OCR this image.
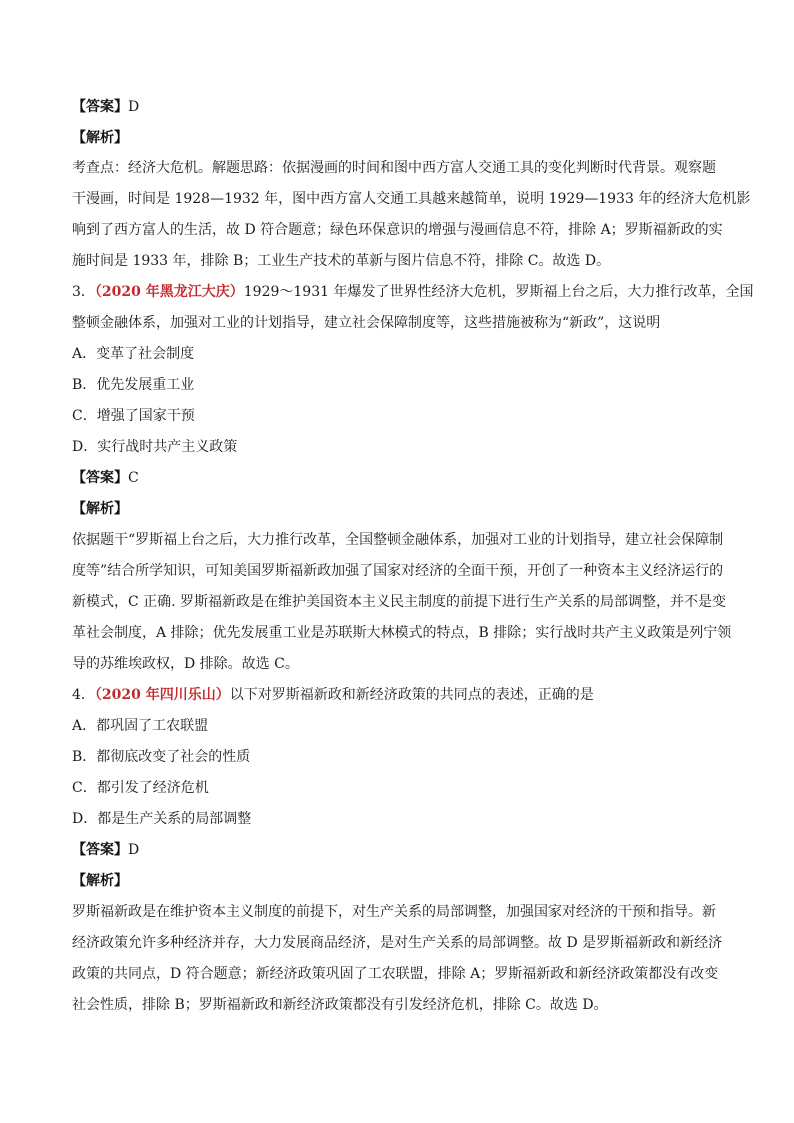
【答案】D
【解析】
考查点：经济大危机。解题思路：依据漫画的时间和图中西方富人交通工具的变化判断时代背景。观察题
干漫画，时间是 1928—1932 年，图中西方富人交通工具越来越简单，说明 1929—1933 年的经济大危机影
响到了西方富人的生活，故 D 符合题意；绿色环保意识的增强与漫画信息不符，排除 A；罗斯福新政的实
施时间是 1933 年，排除 B；工业生产技术的革新与图片信息不符，排除 C。故选 D。
3．（2020 年黑龙江大庆）1929～1931 年爆发了世界性经济大危机，罗斯福上台之后，大力推行改革，全国
整顿金融体系，加强对工业的计划指导，建立社会保障制度等，这些措施被称为“新政”，这说明
A．变革了社会制度
B．优先发展重工业
C．增强了国家干预
D．实行战时共产主义政策
【答案】C
【解析】
依据题干“罗斯福上台之后，大力推行改革，全国整顿金融体系，加强对工业的计划指导，建立社会保障制
度等”结合所学知识，可知美国罗斯福新政加强了国家对经济的全面干预，开创了一种资本主义经济运行的
新模式，C 正确. 罗斯福新政是在维护美国资本主义民主制度的前提下进行生产关系的局部调整，并不是变
革社会制度，A 排除；优先发展重工业是苏联斯大林模式的特点，B 排除；实行战时共产主义政策是列宁领
导的苏维埃政权，D 排除。故选 C。
4．（2020 年四川乐山）以下对罗斯福新政和新经济政策的共同点的表述，正确的是
A．都巩固了工农联盟
B．都彻底改变了社会的性质
C．都引发了经济危机
D．都是生产关系的局部调整
【答案】D
【解析】
罗斯福新政是在维护资本主义制度的前提下，对生产关系的局部调整，加强国家对经济的干预和指导。新
经济政策允许多种经济并存，大力发展商品经济，是对生产关系的局部调整。故 D 是罗斯福新政和新经济
政策的共同点，D 符合题意；新经济政策巩固了工农联盟，排除 A；罗斯福新政和新经济政策都没有改变
社会性质，排除 B；罗斯福新政和新经济政策都没有引发经济危机，排除 C。故选 D。
